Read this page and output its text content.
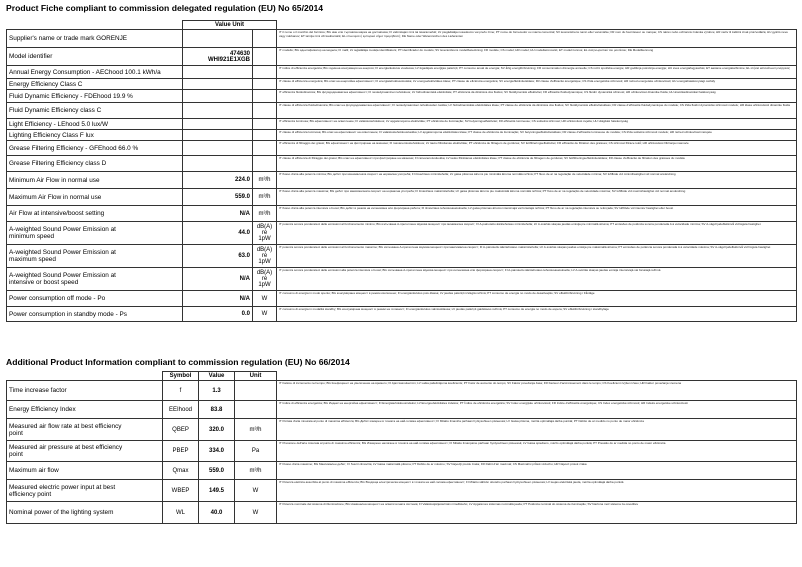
Product Fiche compliant to commission delegated regulation (EU) No 65/2014
	Value Unit		
Supplier's name or trade mark GORENJE			IT il nome o il marchio del fornitore; BG име или търговска марка на доставчика; FI valmistajan nimi tai tavaramerkki; LV piegādātāja nosaukums vai preču zīme; PT nome do fornecedor ou marca comercial; SV leverantörens namn eller varumärke; FR nom du fournisseur ou marque; CS název nebo ochranná známka výrobce; HR naziv ili zaštitni znak proizvođača; HU gyártó neve vagy márkanév; ET tarnija nimi või kaubamärk; EL επωνυμία ή εμπορικό σήμα προμηθευτή; DE Name oder Warenzeichen des Lieferanten
Model identifier	474630
WHI921E1XGB		IT modello; BG идентификатор на модела; FI malli; LV ieģādātāja modeļa identifikators; PT identificador do modelo; SV leverantörens modellbeteckning; FR modèle; CS model; HR model; HU modellazonosító; ET mudeli tunnus; EL αναγνωριστικό του μοντέλου; DE Modellkennung
Annual Energy Consumption - AEChood 100.1 kWh/a			IT indice di efficienza energetica; BG годишна консумация на енергия; FI energiankulutus vuodessa; LV ikgadējais enerģijas patēriņš; PT consumo anual de energia; SV årlig energiförbrukning; FR consommation d'énergie annuelle; CS roční spotřeba energie; HR godišnja potrošnja energije; HU éves energiafogyasztás; ET aastane energiatarbimine; EL ετήσια κατανάλωση ενέργειας
Energy Efficiency Class C			IT classe di efficienza energetica; BG клас на енергийна ефективност; FI energiatehokkuusluokka; LV energoefektivitātes klase; PT classe de eficiência energética; SV energieffektivitetsklass; FR classe d'efficacité énergétique; CS třída energetické účinnosti; HR razred energetske učinkovitosti; HU energiahatékonysági osztály
Fluid Dynamic Efficiency - FDEhood 19.9 %			IT efficienza fluidodinamica; BG флуидодинамична ефективност; FI nestedynaaminen tehokkuus; LV hidrodinamiskā efektivitāte; PT eficiência da dinâmica dos fluidos; SV fluiddynamisk effektivitet; FR efficacité fluidodynamique; CS fluidní dynamická účinnost; HR učinkovitost dinamike fluida; HU áramlásdinamikai hatékonyság
Fluid Dynamic Efficiency class C			IT classe di efficienza fluidodinamica; BG клас на флуидодинамична ефективност; FI nestedynaamisen tehokkuuden luokka; LV hidrodinamiskās efektivitātes klase; PT classe de eficiência da dinâmica dos fluidos; SV fluiddynamisk effektivitetsklass; FR classe d'efficacité fluidodynamique du modèle; CS třída fluidní dynamické účinnosti modelu; HR klasa učinkovitosti dinamike fluida
Light Efficiency - LEhood 5.0 lux/W			IT efficienza luminosa; BG ефективност на осветление; FI valaistustehokkuus; LV apgaismojuma efektivitāte; PT eficiência de iluminação; SV belysningseffektivitet; FR efficacité lumineuse; CS světelná účinnost; HR učinkovitost svjetla; HU világítási hatékonyság
Lighting Efficiency Class F lux			IT classe di efficienza luminosa; BG клас на ефективност на осветление; FI valaistustehokkuusluokka; LV apgaismojuma efektivitātes klase; PT classe de eficiência de iluminação; SV belysningseffektivitetsklass; FR classe d'efficacité lumineuse du modèle; CS třída světelné účinnosti modelu; HR razred učinkovitosti rasvjete
Grease Filtering Efficiency - GFEhood 66.0 %			IT efficienza di filtraggio dei grassi; BG ефективност на филтриране на мазнини; FI rasvanerotustehokkuus; LV tauku filtrēšanas efektivitāte; PT eficiência de filtragem de gorduras; SV fettfiltreringseffektivitet; FR efficacité de filtration des graisses; CS účinnost filtrace tuků; HR učinkovitost filtriranja masnoće
Grease Filtering Efficiency class D			IT classe di efficienza di filtraggio dei grassi; BG клас на ефективност при филтриране на мазнини; FI rasvanerotusluokka; LV tauku filtrēšanas efektivitātes klase; PT classe de eficiência de filtragem de gorduras; SV fettfiltreringseffektivitetsklass; FR classe d'efficacité de filtration des graisses du modèle
Minimum Air Flow in normal use	224.0	m³/h	IT flusso d'aria alla potenza minima; BG дебит при минималната скорост на нормална употреба; FI ilmavirtaus minimiteholla; LV gaisa plūsmas ātrums pie minimālā ātruma normālā režīmā; PT fluxo de ar na regulação de velocidade mínima; SV luftflöde vid minimihastighet vid normal användning
Maximum Air Flow in normal use	559.0	m³/h	IT flusso d'aria alla potenza massima; BG дебит при максималната скорост на нормална употреба; FI ilmavirtaus maksimiteholla; LV gaisa plūsmas ātrums pie maksimālā ātruma normālā režīmā; PT fluxo de ar na regulação de velocidade máxima; SV luftflöde vid maximihastighet vid normal användning
Air Flow at intensive/boost setting	N/A	m³/h	IT flusso d'aria alla potenza intensiva o boost; BG дебит в режим на интензивна или форсирана работа; FI ilmavirtaus tehostusasetuksella; LV gaisa plūsmas ātrums intensīvajā vai forsētajā režīmā; PT fluxo de ar na regulação intensiva ou reforçada; SV luftflöde vid intensiv hastighet eller boost
A-weighted Sound Power Emission at
minimum speed	44.0	dB(A) re
1pW	IT potenza sonora ponderata A delle emissioni al funzionamento minimo; BG излъчвана А-претеглена звукова мощност при минимална скорост; FI A-painotettu äänitehotaso minimiteholla; LV A-svērtās skaņas jaudas emisija pie minimālā ātruma; PT emissões de potência sonora ponderada A à velocidade mínima; SV A-vägd ljudeffektnivå vid lägsta hastighet
A-weighted Sound Power Emission at
maximum speed	63.0	dB(A) re
1pW	IT potenza sonora ponderata A delle emissioni al funzionamento massimo; BG излъчвана А-претеглена звукова мощност при максимална скорост; FI A-painotettu äänitehotaso maksimiteholla; LV A-svērtās skaņas jaudas emisija pie maksimālā ātruma; PT emissões de potência sonora ponderada A à velocidade máxima; SV A-vägd ljudeffektnivå vid högsta hastighet
A-weighted Sound Power Emission at
intensive or boost speed	N/A	dB(A) re
1pW	IT potenza sonora ponderata A delle emissioni alla potenza intensiva o boost; BG излъчвана А-претеглена звукова мощност при интензивна или форсирана скорост; FI A-painotettu äänitehotaso tehostusasetuksella; LV A-svērtās skaņas jaudas emisija intensīvajā vai forsētajā režīmā
Power consumption off mode - Po	N/A	W	IT consumo di energia in modo spento; BG консумирана мощност в режим изключено; FI energiankulutus pois-tilassa; LV jaudas patēriņš izslēgtā režīmā; PT consumo de energia no modo de desativação; SV effektförbrukning i frånläge
Power consumption in standby mode - Ps	0.0	W	IT consumo di energia in modalità standby; BG консумирана мощност в режим на готовност; FI energiankulutus valmiustilassa; LV jaudas patēriņš gaidstāves režīmā; PT consumo de energia no modo de espera; SV effektförbrukning i standbyläge
Additional Product Information compliant to commission regulation (EU) No 66/2014
	Symbol	Value	Unit	
Time increase factor	f	1.3		IT Fattore di incremento nel tempo; BG Коефициент на увеличение на времето; FI Ajan kasvukerroin; LV Laika palielinājuma koeficients; PT Fator de aumento do tempo; SV Faktor povečanja časa; FR Facteur d'accroissement dans le temps; CS Koeficient zvýšení času; HR Faktor povećanja vremena
Energy Efficiency Index	EEIhood	83.8		IT Indice di efficienza energetica; BG Индекс на енергийна ефективност; FI Energiatehokkuusindeksi; LV Energoefektivitātes indekss; PT Índice de eficiência energética; SV Index energijske učinkovitosti; FR Indice d'efficacité énergétique; CS Index energetické účinnosti; HR Indeks energetske učinkovitosti
Measured air flow rate at best efficiency
point	QBEP	320.0	m³/h	IT Portata d'aria misurata al punto di massima efficienza; BG Дебит измерен в точката на най-голяма ефективност; FI Mitattu ilmavirta parhaan hyötysuhteen pisteessä; LV Gaisa plūsma, mērīta optimālajā darba punktā; PT Débito de ar medido no ponto de maior eficiência
Measured air pressure at best efficiency
point	PBEP	334.0	Pa	IT Pressione dell'aria misurata al punto di massima efficienza; BG Измерено налягане в точката на най-голяма ефективност; FI Mitattu ilmanpaine parhaan hyötysuhteen pisteessä; LV Gaisa spiediens, mērīts optimālajā darba punktā; PT Pressão do ar medida no ponto de maior eficiência
Maximum air flow	Qmax	559.0	m³/h	IT Flusso d'aria massimo; BG Максимален дебит; FI Suurin ilmavirta; LV Gaisa maksimālā plūsma; PT Débito de ar máximo; SV Največji pretok zraka; FR Débit d'air maximal; CS Maximální průtok vzduchu; HR Najveći protok zraka
Measured electric power input at best
efficiency point	WBEP	149.5	W	IT Potenza elettrica assorbita al punto di massima efficienza; BG Входяща електрическа мощност в точката на най-голяма ефективност; FI Mitattu sähkön ottoteho parhaan hyötysuhteen pisteessä; LV Ieejas elektriskā jauda, mērīta optimālajā darba punktā
Nominal power of the lighting system	WL	40.0	W	IT Potenza nominale del sistema di illuminazione; BG Номинална мощност на осветителната система; FI Valaistusjärjestelmän nimellisteho; LV Apgaismes sistēmas nominālā jauda; PT Potência nominal do sistema de iluminação; SV Nazivna moč sistema za osvetlitev
